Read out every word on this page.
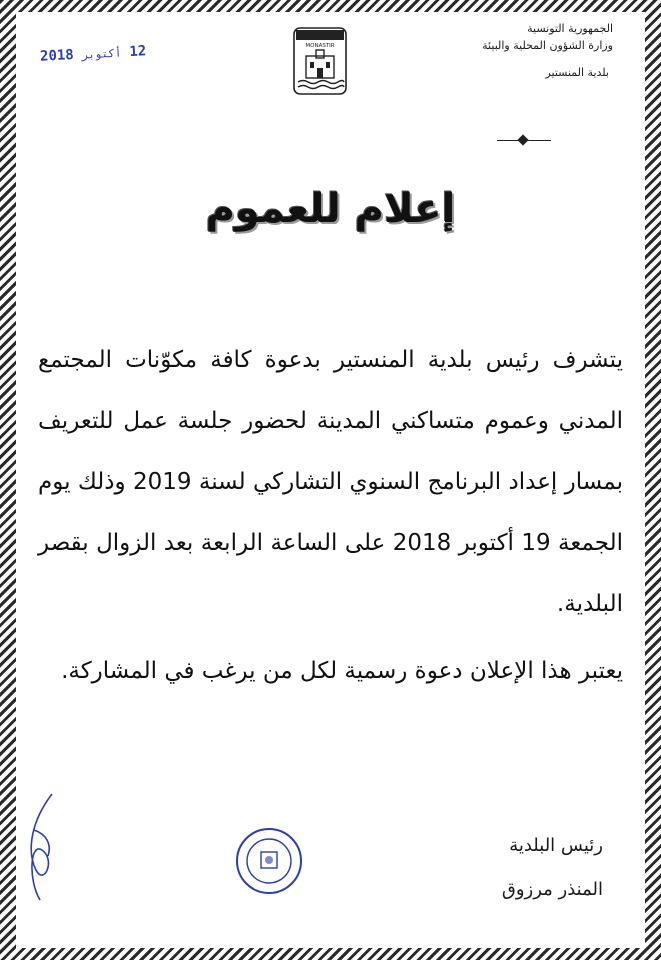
الجمهورية التونسية
وزارة الشؤون المحلية والبيئة
بلدية المنستير
2018 أكتوبر 12	MONASTIR
إعلام للعموم

يتشرف رئيس بلدية المنستير بدعوة كافة مكوّنات المجتمع المدني وعموم متساكني المدينة لحضور جلسة عمل للتعريف بمسار إعداد البرنامج السنوي التشاركي لسنة 2019 وذلك يوم الجمعة 19 أكتوبر 2018 على الساعة الرابعة بعد الزوال بقصر البلدية.

يعتبر هذا الإعلان دعوة رسمية لكل من يرغب في المشاركة.

رئيس البلدية
المنذر مرزوق
